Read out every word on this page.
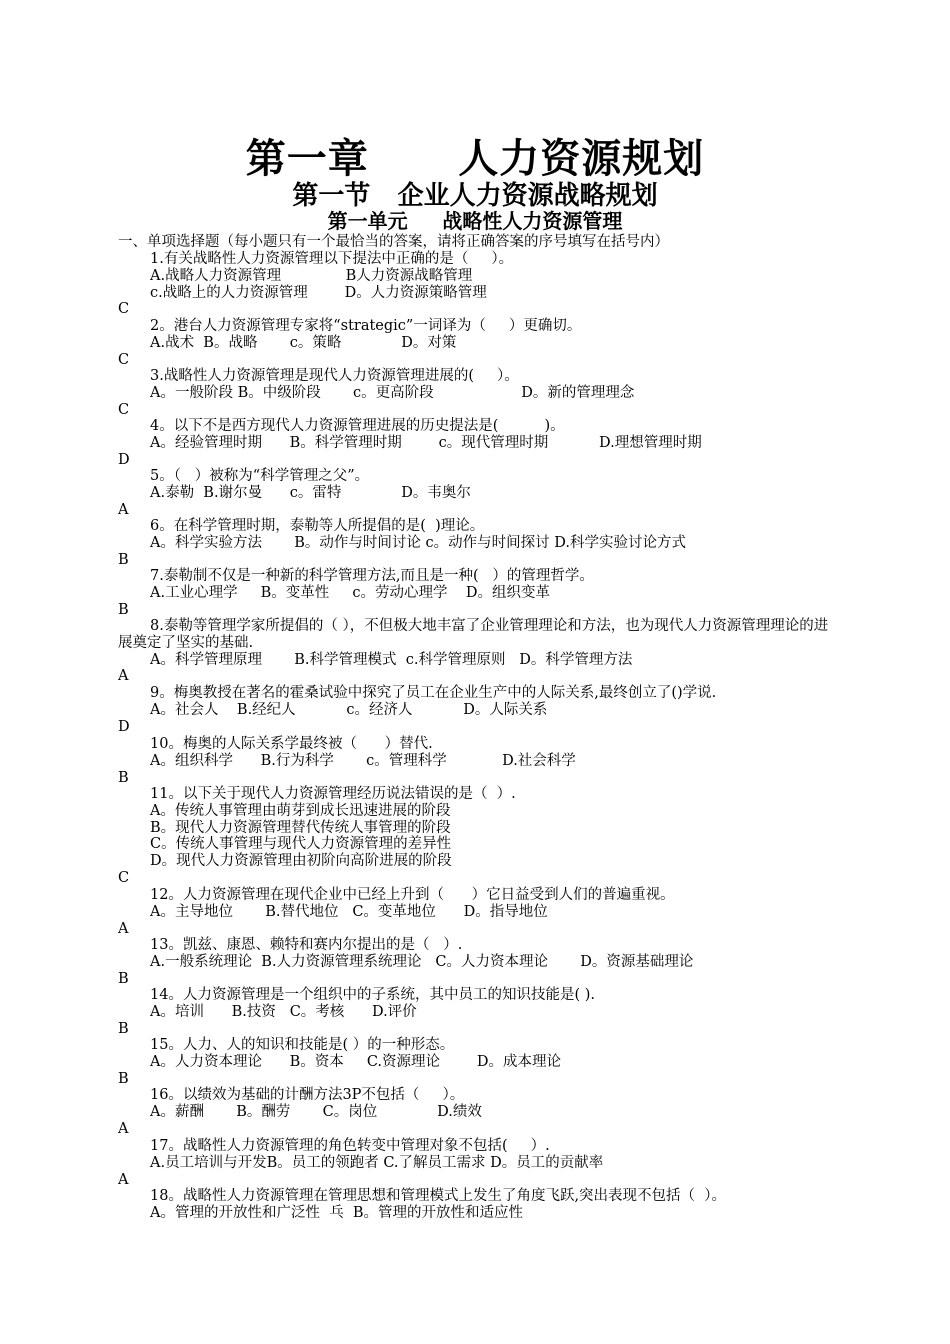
第一章      人力资源规划
第一节   企业人力资源战略规划
第一单元     战略性人力资源管理
一、单项选择题（每小题只有一个最恰当的答案，请将正确答案的序号填写在括号内）
1.有关战略性人力资源管理以下提法中正确的是（     ）。
A.战略人力资源管理              B人力资源战略管理
c.战略上的人力资源管理        D。人力资源策略管理
C
2。港台人力资源管理专家将“strategic”一词译为（     ）更确切。
A.战术  B。战略       c。策略             D。对策
C
3.战略性人力资源管理是现代人力资源管理进展的(     ）。
A。一般阶段 B。中级阶段       c。更高阶段                   D。新的管理理念
C
4。以下不是西方现代人力资源管理进展的历史提法是(          )。
A。经验管理时期      B。科学管理时期        c。现代管理时期           D.理想管理时期
D
5。（   ）被称为“科学管理之父”。
A.泰勒  B.谢尔曼      c。雷特             D。韦奥尔
A
6。在科学管理时期，泰勒等人所提倡的是(  )理论。
A。科学实验方法       B。动作与时间讨论 c。动作与时间探讨 D.科学实验讨论方式
B
7.泰勒制不仅是一种新的科学管理方法,而且是一种(   ）的管理哲学。
A.工业心理学     B。变革性     c。劳动心理学    D。组织变革
B
8.泰勒等管理学家所提倡的（ ），不但极大地丰富了企业管理理论和方法，也为现代人力资源管理理论的进展奠定了坚实的基础.
A。科学管理原理       B.科学管理模式  c.科学管理原则   D。科学管理方法
A
9。梅奥教授在著名的霍桑试验中探究了员工在企业生产中的人际关系,最终创立了()学说.
A。社会人    B.经纪人           c。经济人           D。人际关系
D
10。梅奥的人际关系学最终被（      ）替代.
A。组织科学      B.行为科学       c。管理科学            D.社会科学
B
11。以下关于现代人力资源管理经历说法错误的是（  ）.
A。传统人事管理由萌芽到成长迅速进展的阶段
B。现代人力资源管理替代传统人事管理的阶段
C。传统人事管理与现代人力资源管理的差异性
D。现代人力资源管理由初阶向高阶进展的阶段
C
12。人力资源管理在现代企业中已经上升到（      ）它日益受到人们的普遍重视。
A。主导地位       B.替代地位   C。变革地位      D。指导地位
A
13。凯兹、康恩、赖特和赛内尔提出的是（   ）.
A.一般系统理论  B.人力资源管理系统理论   C。人力资本理论       D。资源基础理论
B
14。人力资源管理是一个组织中的子系统，其中员工的知识技能是( ).
A。培训      B.技资   C。考核      D.评价
B
15。人力、人的知识和技能是( ）的一种形态。
A。人力资本理论      B。资本     C.资源理论        D。成本理论
B
16。以绩效为基础的计酬方法3P不包括（     ）。
A。薪酬       B。酬劳       C。岗位             D.绩效
A
17。战略性人力资源管理的角色转变中管理对象不包括(     ）.
A.员工培训与开发B。员工的领跑者 C.了解员工需求 D。员工的贡献率
A
18。战略性人力资源管理在管理思想和管理模式上发生了角度飞跃,突出表现不包括（  ）。
A。管理的开放性和广泛性  乓  B。管理的开放性和适应性
